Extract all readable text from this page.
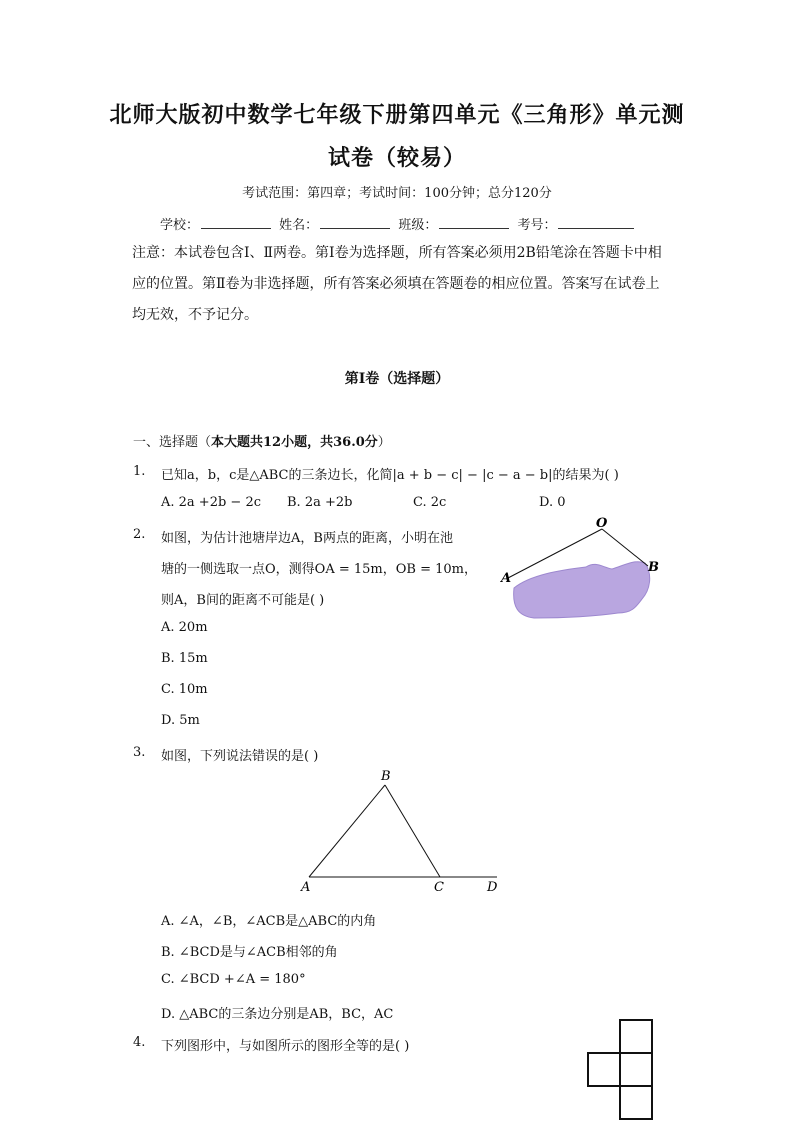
北师大版初中数学七年级下册第四单元《三角形》单元测
试卷（较易）
考试范围：第四章；考试时间：100分钟；总分120分
学校：	姓名：	班级：	考号：
注意：本试卷包含Ⅰ、Ⅱ两卷。第Ⅰ卷为选择题，所有答案必须用2B铅笔涂在答题卡中相应的位置。第Ⅱ卷为非选择题，所有答案必须填在答题卷的相应位置。答案写在试卷上均无效，不予记分。
第Ⅰ卷（选择题）
一、选择题（本大题共12小题，共36.0分）
1. 已知a，b，c是△ABC的三条边长，化简|a + b − c| − |c − a − b|的结果为( )
A. 2a +2b − 2c B. 2a +2b	C. 2c	D. 0
2. 如图，为估计池塘岸边A，B两点的距离，小明在池
塘的一侧选取一点O，测得OA = 15m，OB = 10m，
则A，B间的距离不可能是( )
A. 20m
B. 15m
C. 10m
D. 5m
O
A
B
3. 如图，下列说法错误的是( )
B
A	C	D
A. ∠A，∠B，∠ACB是△ABC的内角
B. ∠BCD是与∠ACB相邻的角
C. ∠BCD +∠A = 180°
D. △ABC的三条边分别是AB，BC，AC
4. 下列图形中，与如图所示的图形全等的是( )
